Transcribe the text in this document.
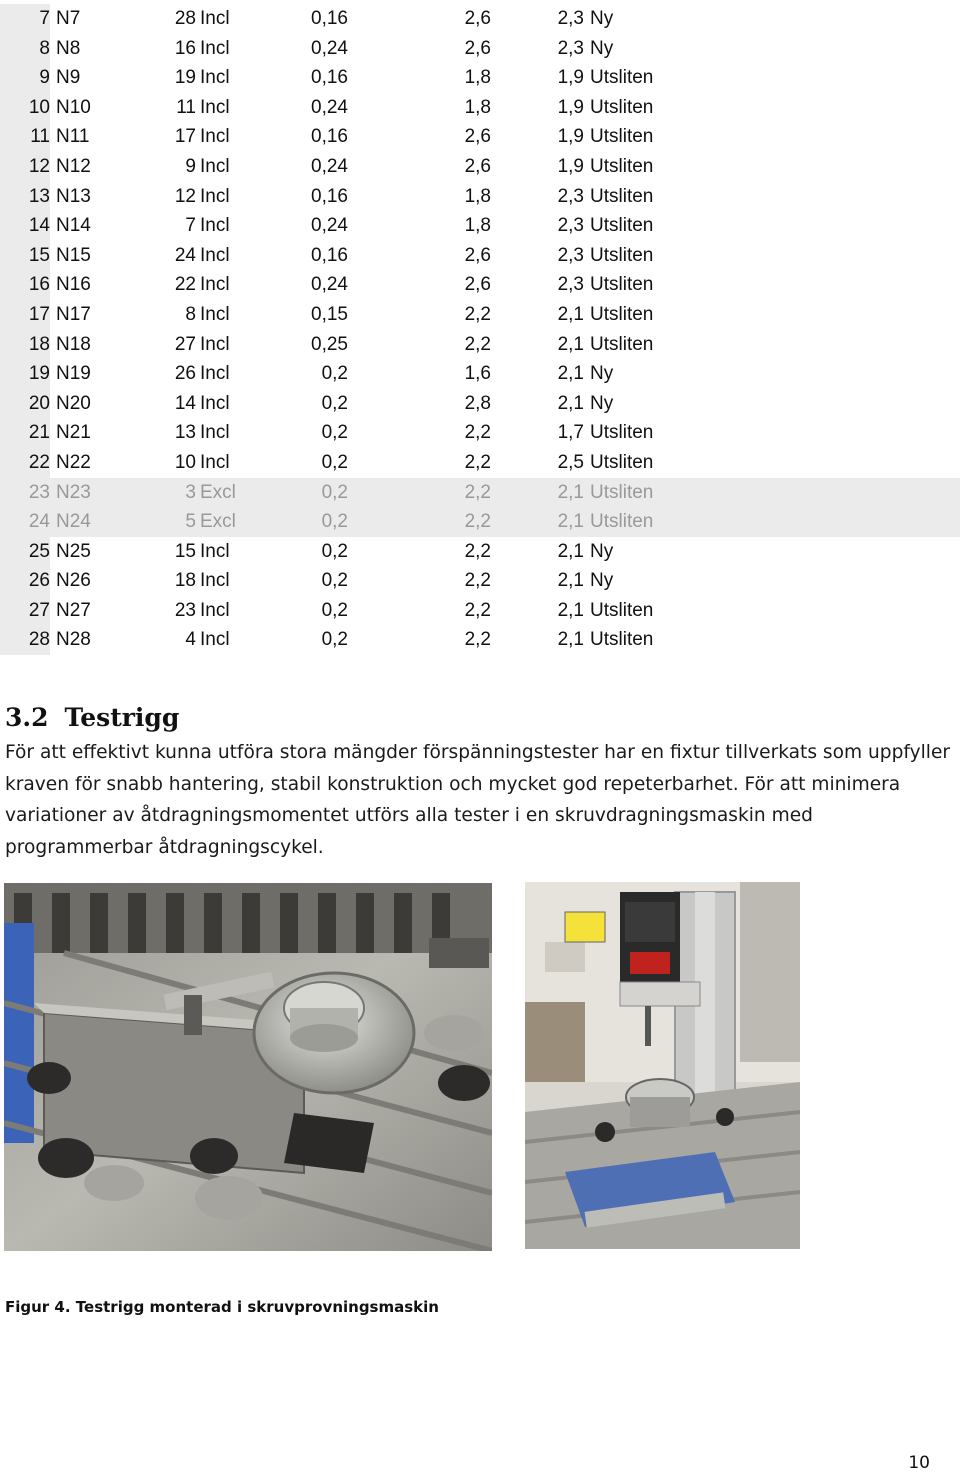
7 N7	28 Incl	0,16	2,6	2,3 Ny
8 N8	16 Incl	0,24	2,6	2,3 Ny
9 N9	19 Incl	0,16	1,8	1,9 Utsliten
10 N10	11 Incl	0,24	1,8	1,9 Utsliten
11 N11	17 Incl	0,16	2,6	1,9 Utsliten
12 N12	9 Incl	0,24	2,6	1,9 Utsliten
13 N13	12 Incl	0,16	1,8	2,3 Utsliten
14 N14	7 Incl	0,24	1,8	2,3 Utsliten
15 N15	24 Incl	0,16	2,6	2,3 Utsliten
16 N16	22 Incl	0,24	2,6	2,3 Utsliten
17 N17	8 Incl	0,15	2,2	2,1 Utsliten
18 N18	27 Incl	0,25	2,2	2,1 Utsliten
19 N19	26 Incl	0,2	1,6	2,1 Ny
20 N20	14 Incl	0,2	2,8	2,1 Ny
21 N21	13 Incl	0,2	2,2	1,7 Utsliten
22 N22	10 Incl	0,2	2,2	2,5 Utsliten
23 N23	3 Excl	0,2	2,2	2,1 Utsliten
24 N24	5 Excl	0,2	2,2	2,1 Utsliten
25 N25	15 Incl	0,2	2,2	2,1 Ny
26 N26	18 Incl	0,2	2,2	2,1 Ny
27 N27	23 Incl	0,2	2,2	2,1 Utsliten
28 N28	4 Incl	0,2	2,2	2,1 Utsliten
3.2 Testrigg

För att effektivt kunna utföra stora mängder förspänningstester har en fixtur tillverkats som uppfyller kraven för snabb hantering, stabil konstruktion och mycket god repeterbarhet. För att minimera variationer av åtdragningsmomentet utförs alla tester i en skruvdragningsmaskin med programmerbar åtdragningscykel.

Figur 4. Testrigg monterad i skruvprovningsmaskin

10
